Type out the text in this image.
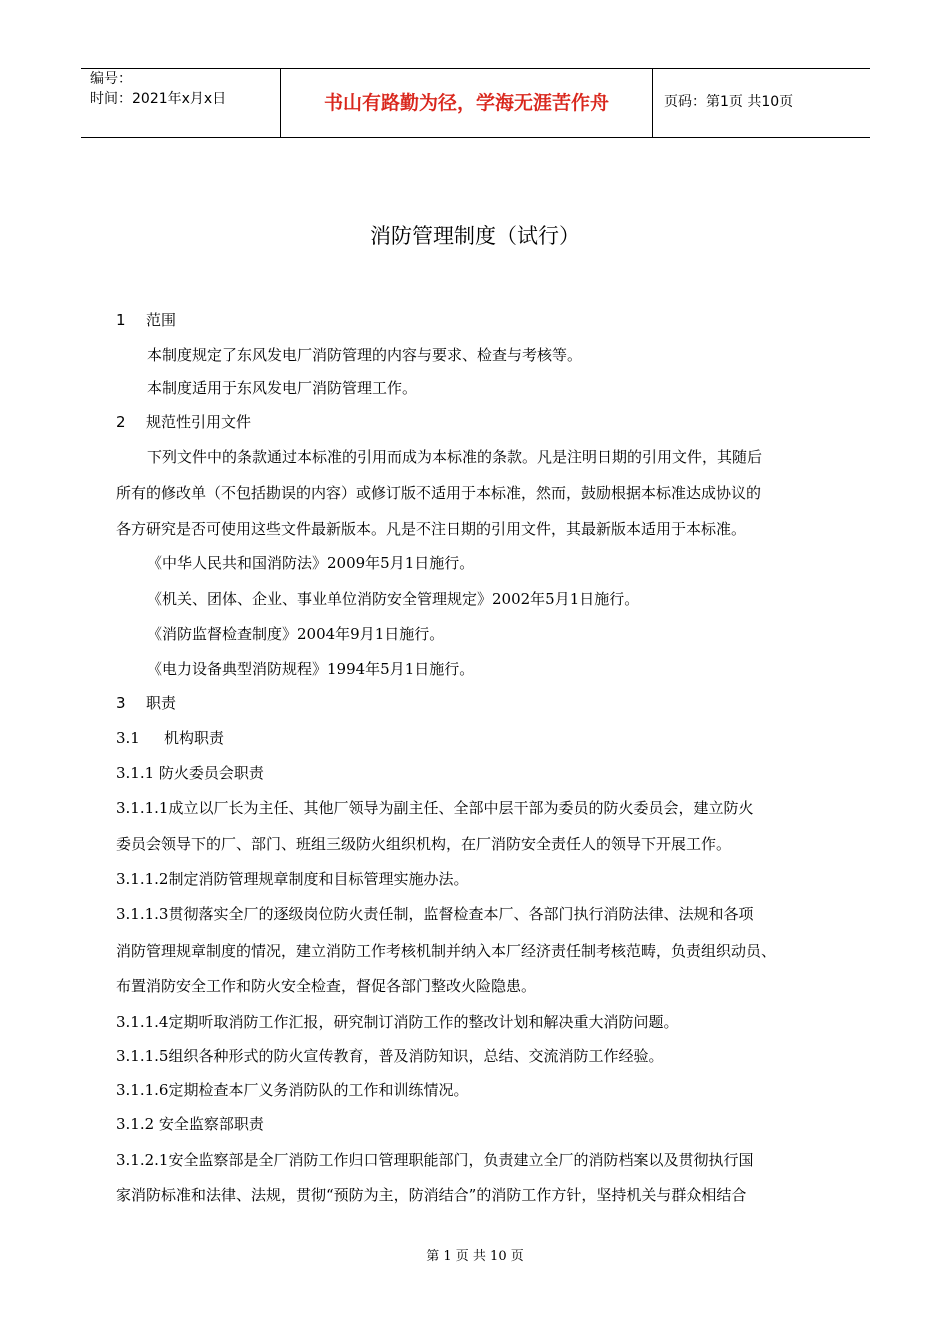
编号：
时间：2021年x月x日	书山有路勤为径，学海无涯苦作舟	页码：第1页 共10页
消防管理制度（试行）
1 范围
本制度规定了东风发电厂消防管理的内容与要求、检查与考核等。
本制度适用于东风发电厂消防管理工作。
2 规范性引用文件
下列文件中的条款通过本标准的引用而成为本标准的条款。凡是注明日期的引用文件，其随后
所有的修改单（不包括勘误的内容）或修订版不适用于本标准，然而，鼓励根据本标准达成协议的
各方研究是否可使用这些文件最新版本。凡是不注日期的引用文件，其最新版本适用于本标准。
《中华人民共和国消防法》2009年5月1日施行。
《机关、团体、企业、事业单位消防安全管理规定》2002年5月1日施行。
《消防监督检查制度》2004年9月1日施行。
《电力设备典型消防规程》1994年5月1日施行。
3 职责
3.1 机构职责
3.1.1 防火委员会职责
3.1.1.1成立以厂长为主任、其他厂领导为副主任、全部中层干部为委员的防火委员会，建立防火
委员会领导下的厂、部门、班组三级防火组织机构，在厂消防安全责任人的领导下开展工作。
3.1.1.2制定消防管理规章制度和目标管理实施办法。
3.1.1.3贯彻落实全厂的逐级岗位防火责任制，监督检查本厂、各部门执行消防法律、法规和各项
消防管理规章制度的情况，建立消防工作考核机制并纳入本厂经济责任制考核范畴，负责组织动员、
布置消防安全工作和防火安全检查，督促各部门整改火险隐患。
3.1.1.4定期听取消防工作汇报，研究制订消防工作的整改计划和解决重大消防问题。
3.1.1.5组织各种形式的防火宣传教育，普及消防知识，总结、交流消防工作经验。
3.1.1.6定期检查本厂义务消防队的工作和训练情况。
3.1.2 安全监察部职责
3.1.2.1安全监察部是全厂消防工作归口管理职能部门，负责建立全厂的消防档案以及贯彻执行国
家消防标准和法律、法规，贯彻“预防为主，防消结合”的消防工作方针，坚持机关与群众相结合
第 1 页 共 10 页
